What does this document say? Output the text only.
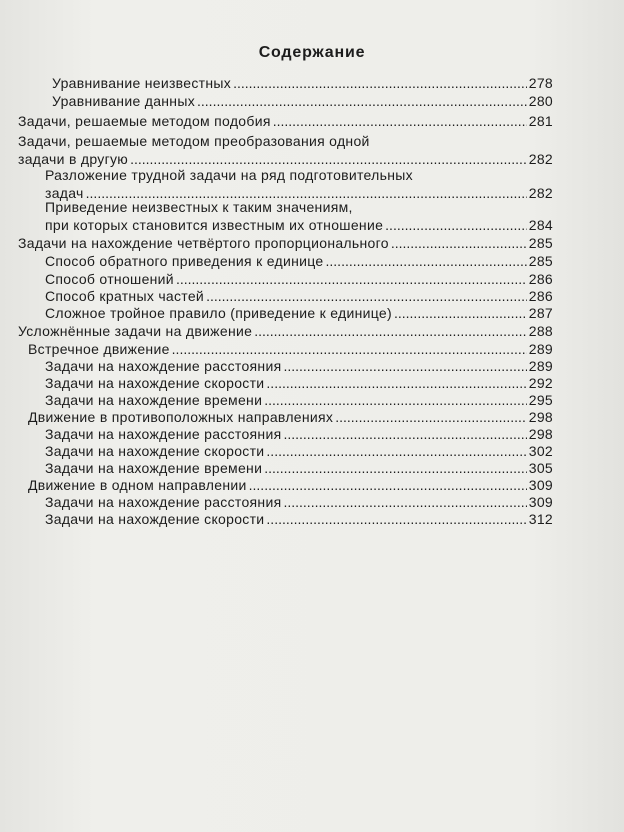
Содержание
Уравнивание неизвестных .....	278
Уравнивание данных .....	280
Задачи, решаемые методом подобия .....	281
Задачи, решаемые методом преобразования одной
задачи в другую .....	282
Разложение трудной задачи на ряд подготовительных
задач .....	282
Приведение неизвестных к таким значениям,
при которых становится известным их отношение .....	284
Задачи на нахождение четвёртого пропорционального .....	285
Способ обратного приведения к единице .....	285
Способ отношений .....	286
Способ кратных частей .....	286
Сложное тройное правило (приведение к единице) .....	287
Усложнённые задачи на движение .....	288
Встречное движение .....	289
Задачи на нахождение расстояния .....	289
Задачи на нахождение скорости .....	292
Задачи на нахождение времени .....	295
Движение в противоположных направлениях .....	298
Задачи на нахождение расстояния .....	298
Задачи на нахождение скорости .....	302
Задачи на нахождение времени .....	305
Движение в одном направлении .....	309
Задачи на нахождение расстояния .....	309
Задачи на нахождение скорости .....	312
